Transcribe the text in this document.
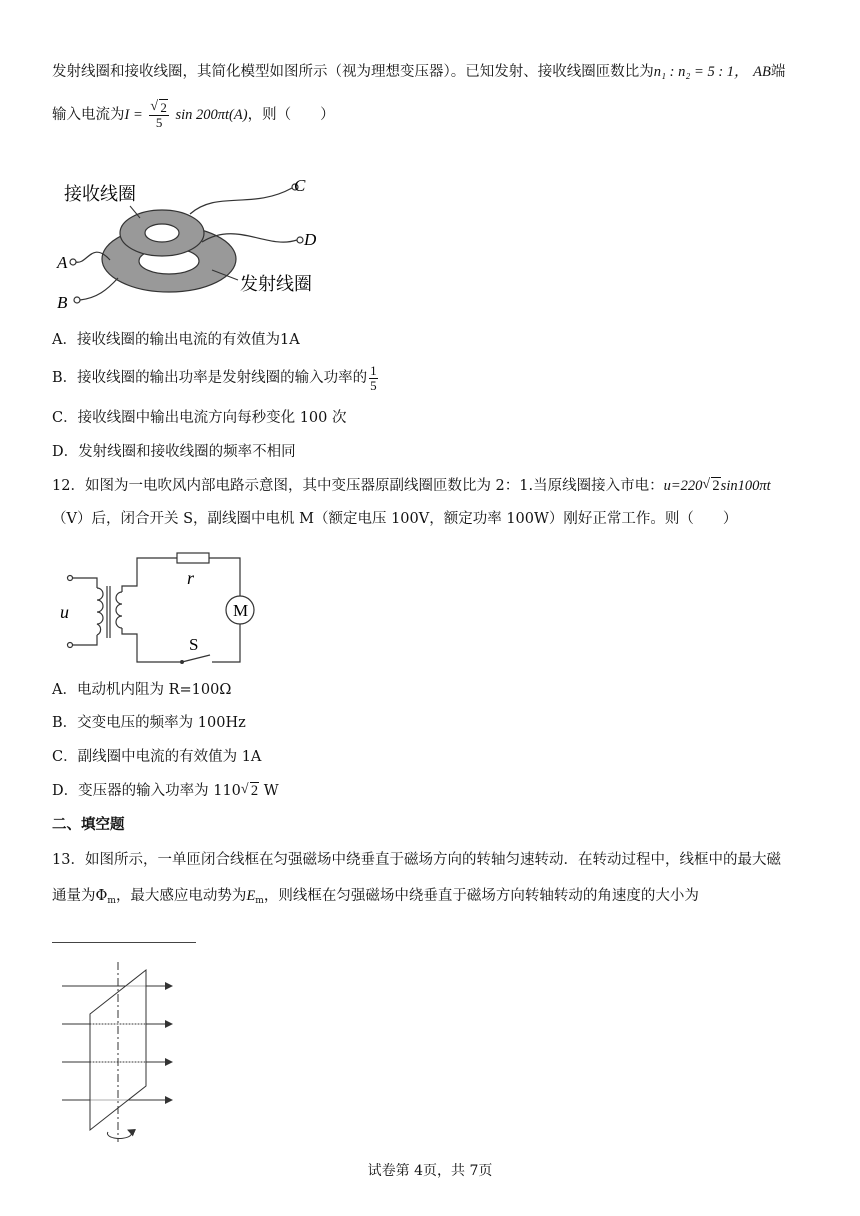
发射线圈和接收线圈，其简化模型如图所示（视为理想变压器）。已知发射、接收线圈匝数比为n₁ : n₂ = 5 : 1， AB端
输入电流为I = √ $\frac{2}{5}$ sin 200πt(A)，则（　　）
接收线圈
发射线圈
C
D
A
B
A．接收线圈的输出电流的有效值为1A
B．接收线圈的输出功率是发射线圈的输入功率的 $\frac{1}{5}$
C．接收线圈中输出电流方向每秒变化 100 次
D．发射线圈和接收线圈的频率不相同
12．如图为一电吹风内部电路示意图，其中变压器原副线圈匝数比为 2：1.当原线圈接入市电：u=220 √ 2sin100πt
（V）后，闭合开关 S，副线圈中电机 M（额定电压 100V，额定功率 100W）刚好正常工作。则（　　）
u
r
M
S
A．电动机内阻为 R=100Ω
B．交变电压的频率为 100Hz
C．副线圈中电流的有效值为 1A
D．变压器的输入功率为 110 √ 2 W
二、填空题
13．如图所示，一单匝闭合线框在匀强磁场中绕垂直于磁场方向的转轴匀速转动．在转动过程中，线框中的最大磁
通量为$\Phi_m$，最大感应电动势为$E_m$，则线框在匀强磁场中绕垂直于磁场方向转轴转动的角速度的大小为
试卷第 4页，共 7页
